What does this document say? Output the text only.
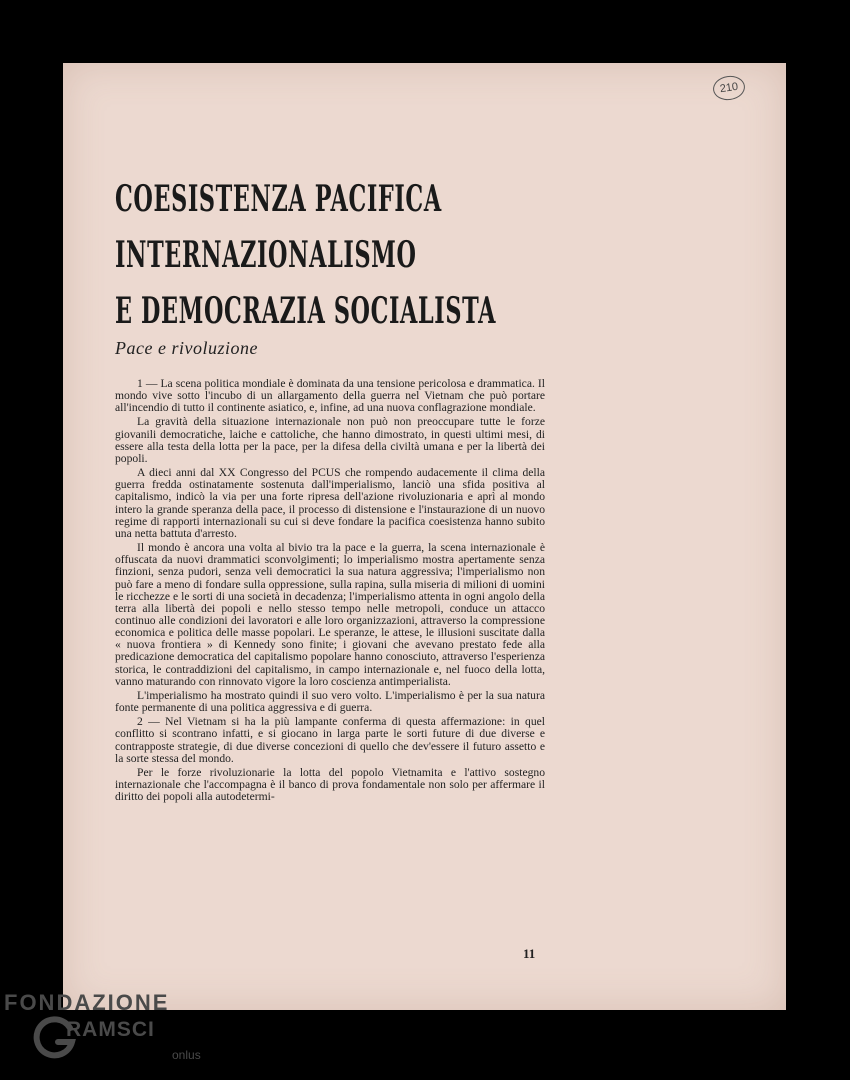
210
COESISTENZA PACIFICA
INTERNAZIONALISMO
E DEMOCRAZIA SOCIALISTA
Pace e rivoluzione

1 — La scena politica mondiale è dominata da una tensione pericolosa e drammatica. Il mondo vive sotto l'incubo di un allargamento della guerra nel Vietnam che può portare all'incendio di tutto il continente asiatico, e, infine, ad una nuova conflagrazione mondiale.

La gravità della situazione internazionale non può non preoccupare tutte le forze giovanili democratiche, laiche e cattoliche, che hanno dimostrato, in questi ultimi mesi, di essere alla testa della lotta per la pace, per la difesa della civiltà umana e per la libertà dei popoli.

A dieci anni dal XX Congresso del PCUS che rompendo audacemente il clima della guerra fredda ostinatamente sostenuta dall'imperialismo, lanciò una sfida positiva al capitalismo, indicò la via per una forte ripresa dell'azione rivoluzionaria e aprì al mondo intero la grande speranza della pace, il processo di distensione e l'instaurazione di un nuovo regime di rapporti internazionali su cui si deve fondare la pacifica coesistenza hanno subito una netta battuta d'arresto.

Il mondo è ancora una volta al bivio tra la pace e la guerra, la scena internazionale è offuscata da nuovi drammatici sconvolgimenti; lo imperialismo mostra apertamente senza finzioni, senza pudori, senza veli democratici la sua natura aggressiva; l'imperialismo non può fare a meno di fondare sulla oppressione, sulla rapina, sulla miseria di milioni di uomini le ricchezze e le sorti di una società in decadenza; l'imperialismo attenta in ogni angolo della terra alla libertà dei popoli e nello stesso tempo nelle metropoli, conduce un attacco continuo alle condizioni dei lavoratori e alle loro organizzazioni, attraverso la compressione economica e politica delle masse popolari. Le speranze, le attese, le illusioni suscitate dalla « nuova frontiera » di Kennedy sono finite; i giovani che avevano prestato fede alla predicazione democratica del capitalismo popolare hanno conosciuto, attraverso l'esperienza storica, le contraddizioni del capitalismo, in campo internazionale e, nel fuoco della lotta, vanno maturando con rinnovato vigore la loro coscienza antimperialista.

L'imperialismo ha mostrato quindi il suo vero volto. L'imperialismo è per la sua natura fonte permanente di una politica aggressiva e di guerra.

2 — Nel Vietnam si ha la più lampante conferma di questa affermazione: in quel conflitto si scontrano infatti, e si giocano in larga parte le sorti future di due diverse e contrapposte strategie, di due diverse concezioni di quello che dev'essere il futuro assetto e la sorte stessa del mondo.

Per le forze rivoluzionarie la lotta del popolo Vietnamita e l'attivo sostegno internazionale che l'accompagna è il banco di prova fondamentale non solo per affermare il diritto dei popoli alla autodetermi-

11
FONDAZIONE
RAMSCI
onlus
